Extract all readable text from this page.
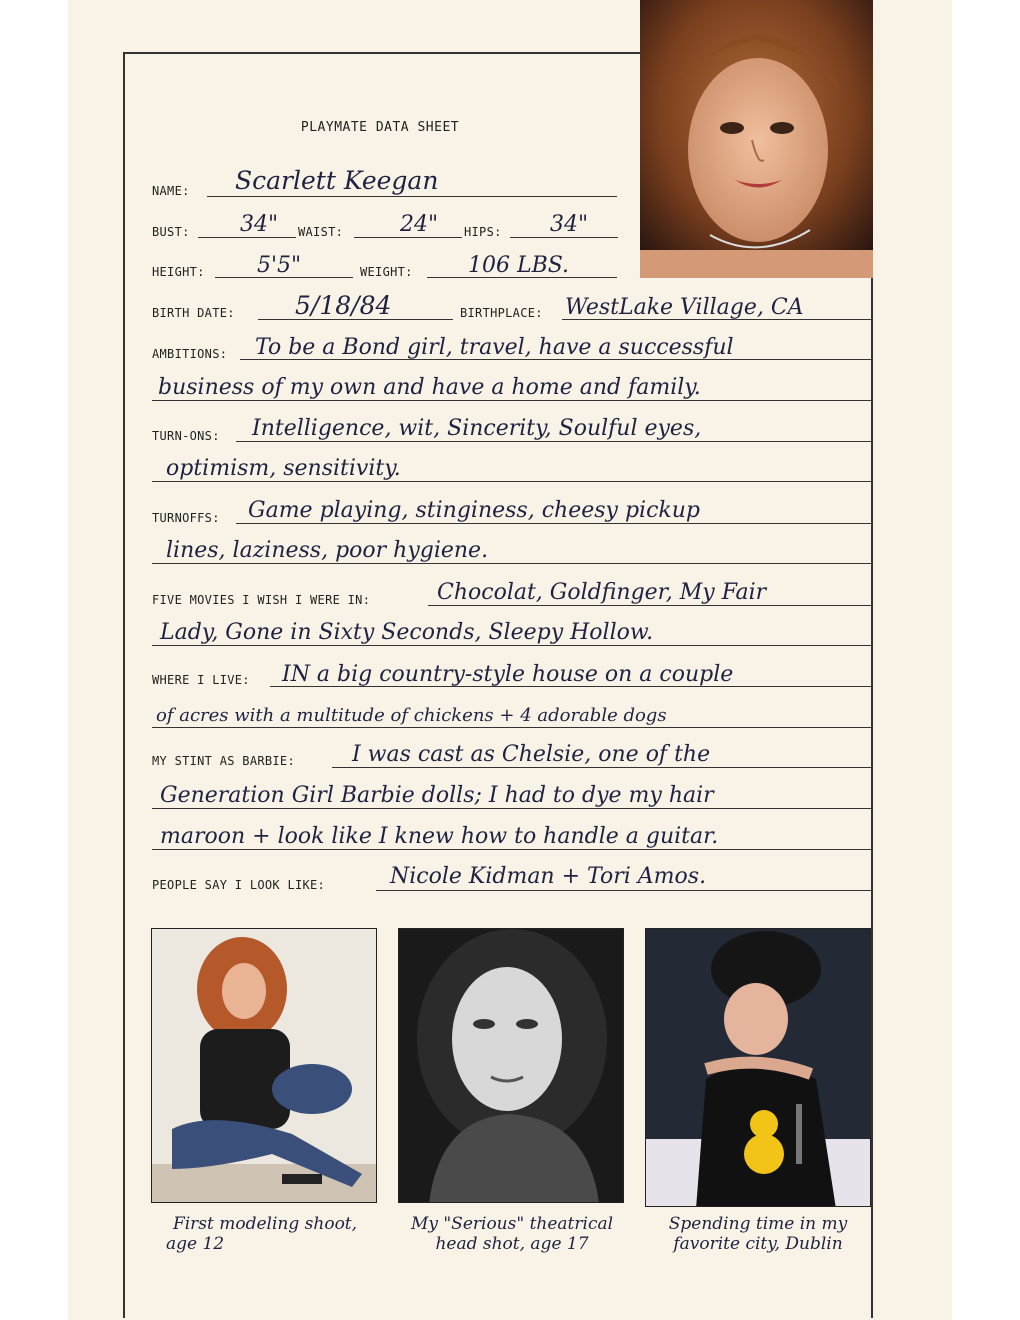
PLAYMATE DATA SHEET
NAME: Scarlett Keegan
BUST: 34" WAIST:	24" HIPS: 34"
HEIGHT: 5'5"	WEIGHT:	106 LBS.
BIRTH DATE: 5/18/84	BIRTHPLACE: WestLake Village, CA
AMBITIONS: To be a Bond girl, travel, have a successful
business of my own and have a home and family.
TURN-ONS: Intelligence, wit, Sincerity, Soulful eyes,
optimism, sensitivity.
TURNOFFS: Game playing, stinginess, cheesy pickup
lines, laziness, poor hygiene.
FIVE MOVIES I WISH I WERE IN:	Chocolat, Goldfinger, My Fair
Lady, Gone in Sixty Seconds, Sleepy Hollow.
WHERE I LIVE: IN a big country-style house on a couple
of acres with a multitude of chickens + 4 adorable dogs
MY STINT AS BARBIE:	I was cast as Chelsie, one of the
Generation Girl Barbie dolls; I had to dye my hair
maroon + look like I knew how to handle a guitar.
PEOPLE SAY I LOOK LIKE:	Nicole Kidman + Tori Amos.
First modeling shoot,
age 12
My "Serious" theatrical
head shot, age 17
Spending time in my
favorite city, Dublin
